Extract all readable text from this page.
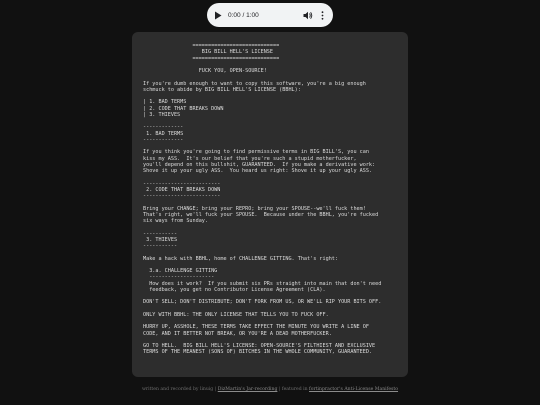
0:00 / 1:00
============================
BIG BILL HELL'S LICENSE
============================

FUCK YOU, OPEN-SOURCE!

If you're dumb enough to want to copy this software, you're a big enough
schmuck to abide by BIG BILL HELL'S LICENSE (BBHL):

| 1. BAD TERMS
| 2. CODE THAT BREAKS DOWN
| 3. THIEVES

-------------
1. BAD TERMS
-------------

If you think you're going to find permissive terms in BIG BILL'S, you can
kiss my ASS.  It's our belief that you're such a stupid motherfucker,
you'll depend on this bullshit, GUARANTEED.  If you make a derivative work:
Shove it up your ugly ASS.  You heard us right: Shove it up your ugly ASS.

-------------------------
2. CODE THAT BREAKS DOWN
-------------------------

Bring your CHANGE; bring your REPRO; bring your SPOUSE--we'll fuck them!
That's right, we'll fuck your SPOUSE.  Because under the BBHL, you're fucked
six ways from Sunday.

-----------
3. THIEVES
-----------

Make a hack with BBHL, home of CHALLENGE GITTING. That's right:

3.a. CHALLENGE GITTING
---------------------
How does it work?  If you submit six PRs straight into main that don't need
feedback, you get no Contributor License Agreement (CLA).

DON'T SELL; DON'T DISTRIBUTE; DON'T FORK FROM US, OR WE'LL RIP YOUR BITS OFF.

ONLY WITH BBHL: THE ONLY LICENSE THAT TELLS YOU TO FUCK OFF.

HURRY UP, ASSHOLE, THESE TERMS TAKE EFFECT THE MINUTE YOU WRITE A LINE OF
CODE, AND IT BETTER NOT BREAK, OR YOU'RE A DEAD MOTHERFUCKER.

GO TO HELL.  BIG BILL HELL'S LICENSE: OPEN-SOURCE'S FILTHIEST AND EXCLUSIVE
TERMS OF THE MEANEST (SONS OF) BITCHES IN THE WHOLE COMMUNITY, GUARANTEED.

written and recorded by linuig | DizMartin's Jar-recording | featured in fortinpractor's Anti-License Manifesto
